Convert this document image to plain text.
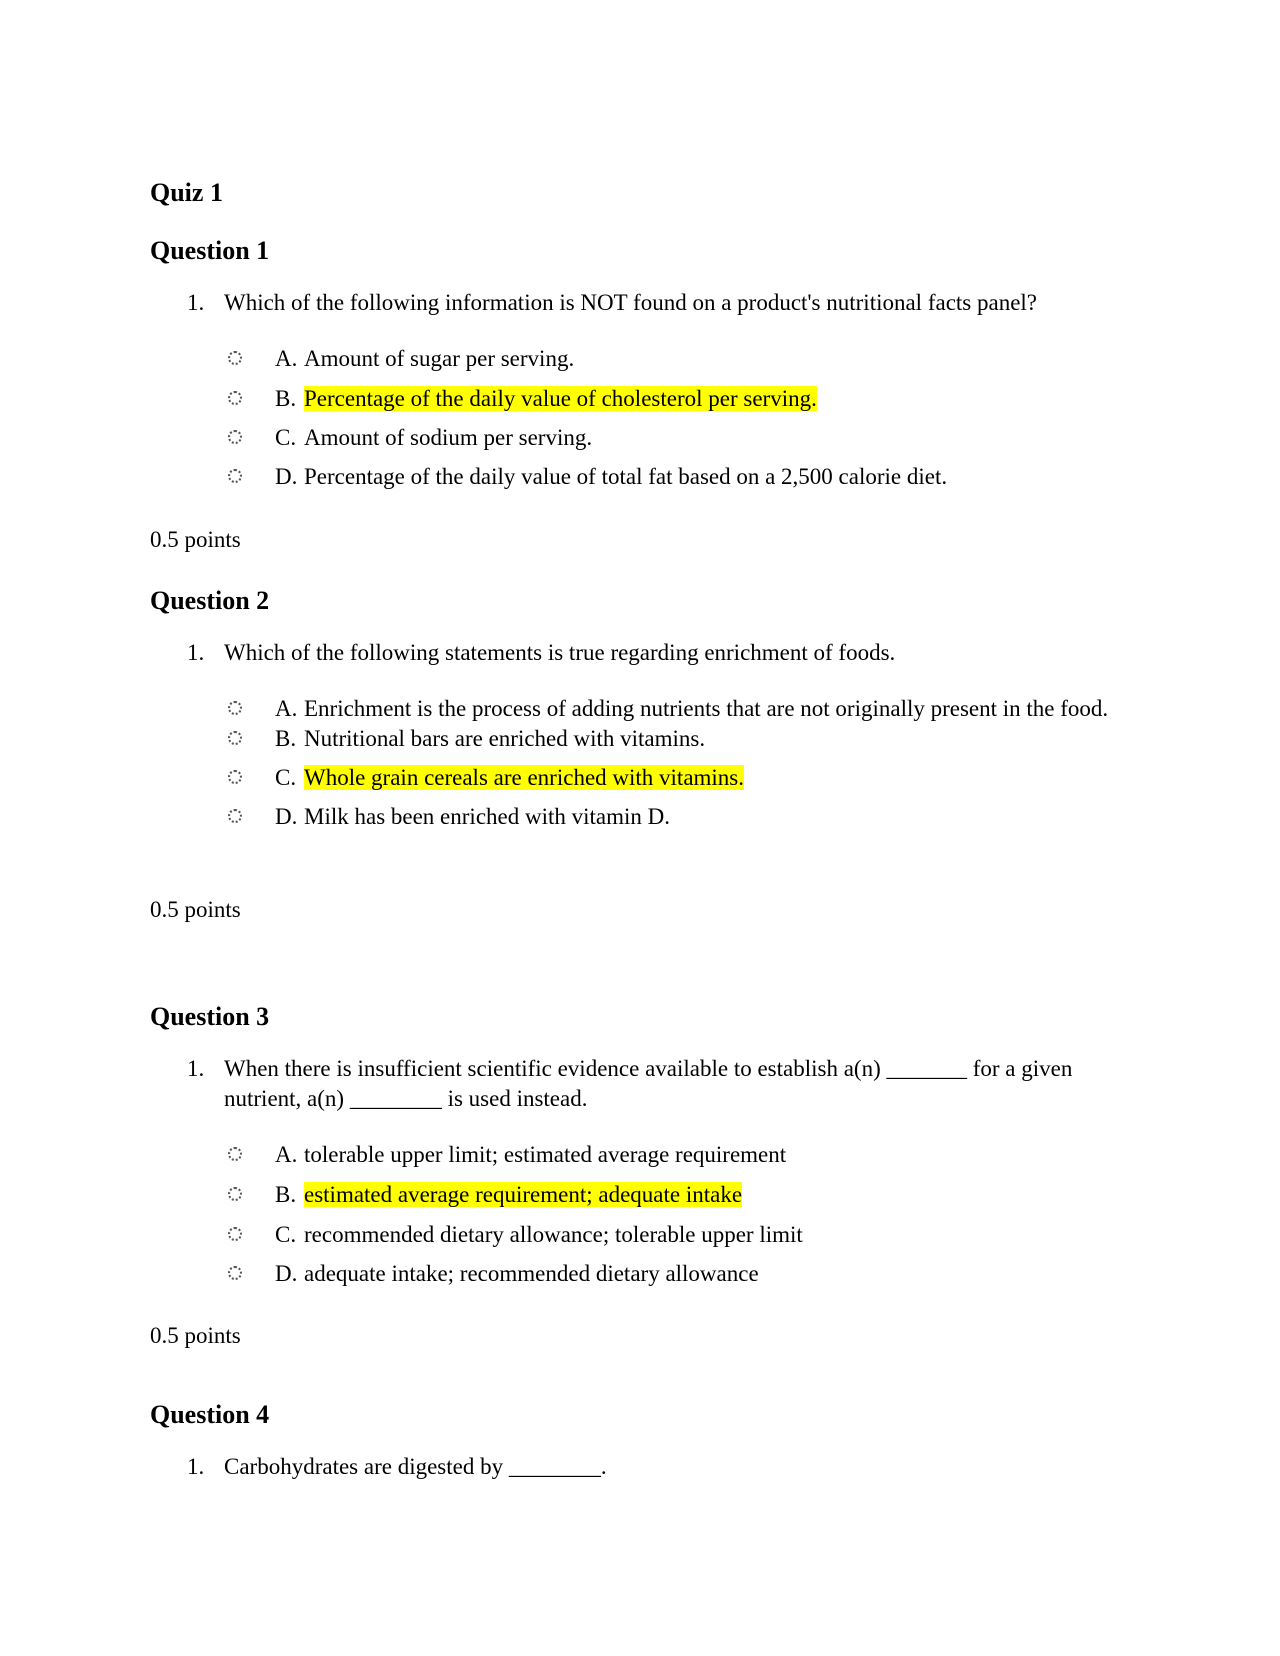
Quiz 1
Question 1
1. Which of the following information is NOT found on a product's nutritional facts panel?
A. Amount of sugar per serving.
B. Percentage of the daily value of cholesterol per serving.
C. Amount of sodium per serving.
D. Percentage of the daily value of total fat based on a 2,500 calorie diet.
0.5 points
Question 2
1. Which of the following statements is true regarding enrichment of foods.
A. Enrichment is the process of adding nutrients that are not originally present in the food.
B. Nutritional bars are enriched with vitamins.
C. Whole grain cereals are enriched with vitamins.
D. Milk has been enriched with vitamin D.
0.5 points
Question 3
1. When there is insufficient scientific evidence available to establish a(n) _______ for a given nutrient, a(n) ________ is used instead.
A. tolerable upper limit; estimated average requirement
B. estimated average requirement; adequate intake
C. recommended dietary allowance; tolerable upper limit
D. adequate intake; recommended dietary allowance
0.5 points
Question 4
1. Carbohydrates are digested by ________.
